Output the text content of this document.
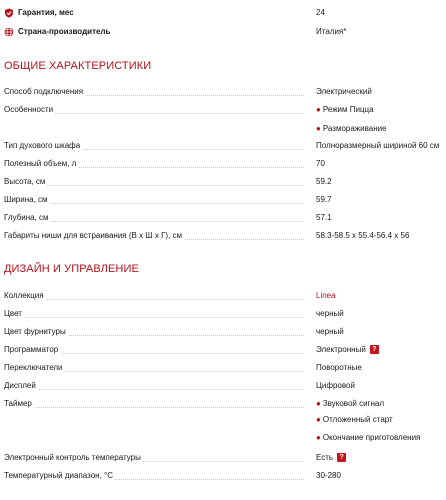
Гарантия, мес	24
Страна-производитель	Италия*
ОБЩИЕ ХАРАКТЕРИСТИКИ
Способ подключения	Электрический
Особенности	● Режим Пицца
● Размораживание
Тип духового шкафа	Полноразмерный шириной 60 см
Полезный объем, л	70
Высота, см	59.2
Ширина, см	59.7
Глубина, см	57.1
Габариты ниши для встраивания (В х Ш х Г), см	58.3-58.5 x 55.4-56.4 x 56
ДИЗАЙН И УПРАВЛЕНИЕ
Коллекция	Linea
Цвет	черный
Цвет фурнитуры	черный
Программатор	Электронный ?
Переключатели	Поворотные
Дисплей	Цифровой
Таймер	● Звуковой сигнал
● Отложенный старт
● Окончание приготовления
Электронный контроль температуры	Есть ?
Температурный диапазон, °C	30-280
